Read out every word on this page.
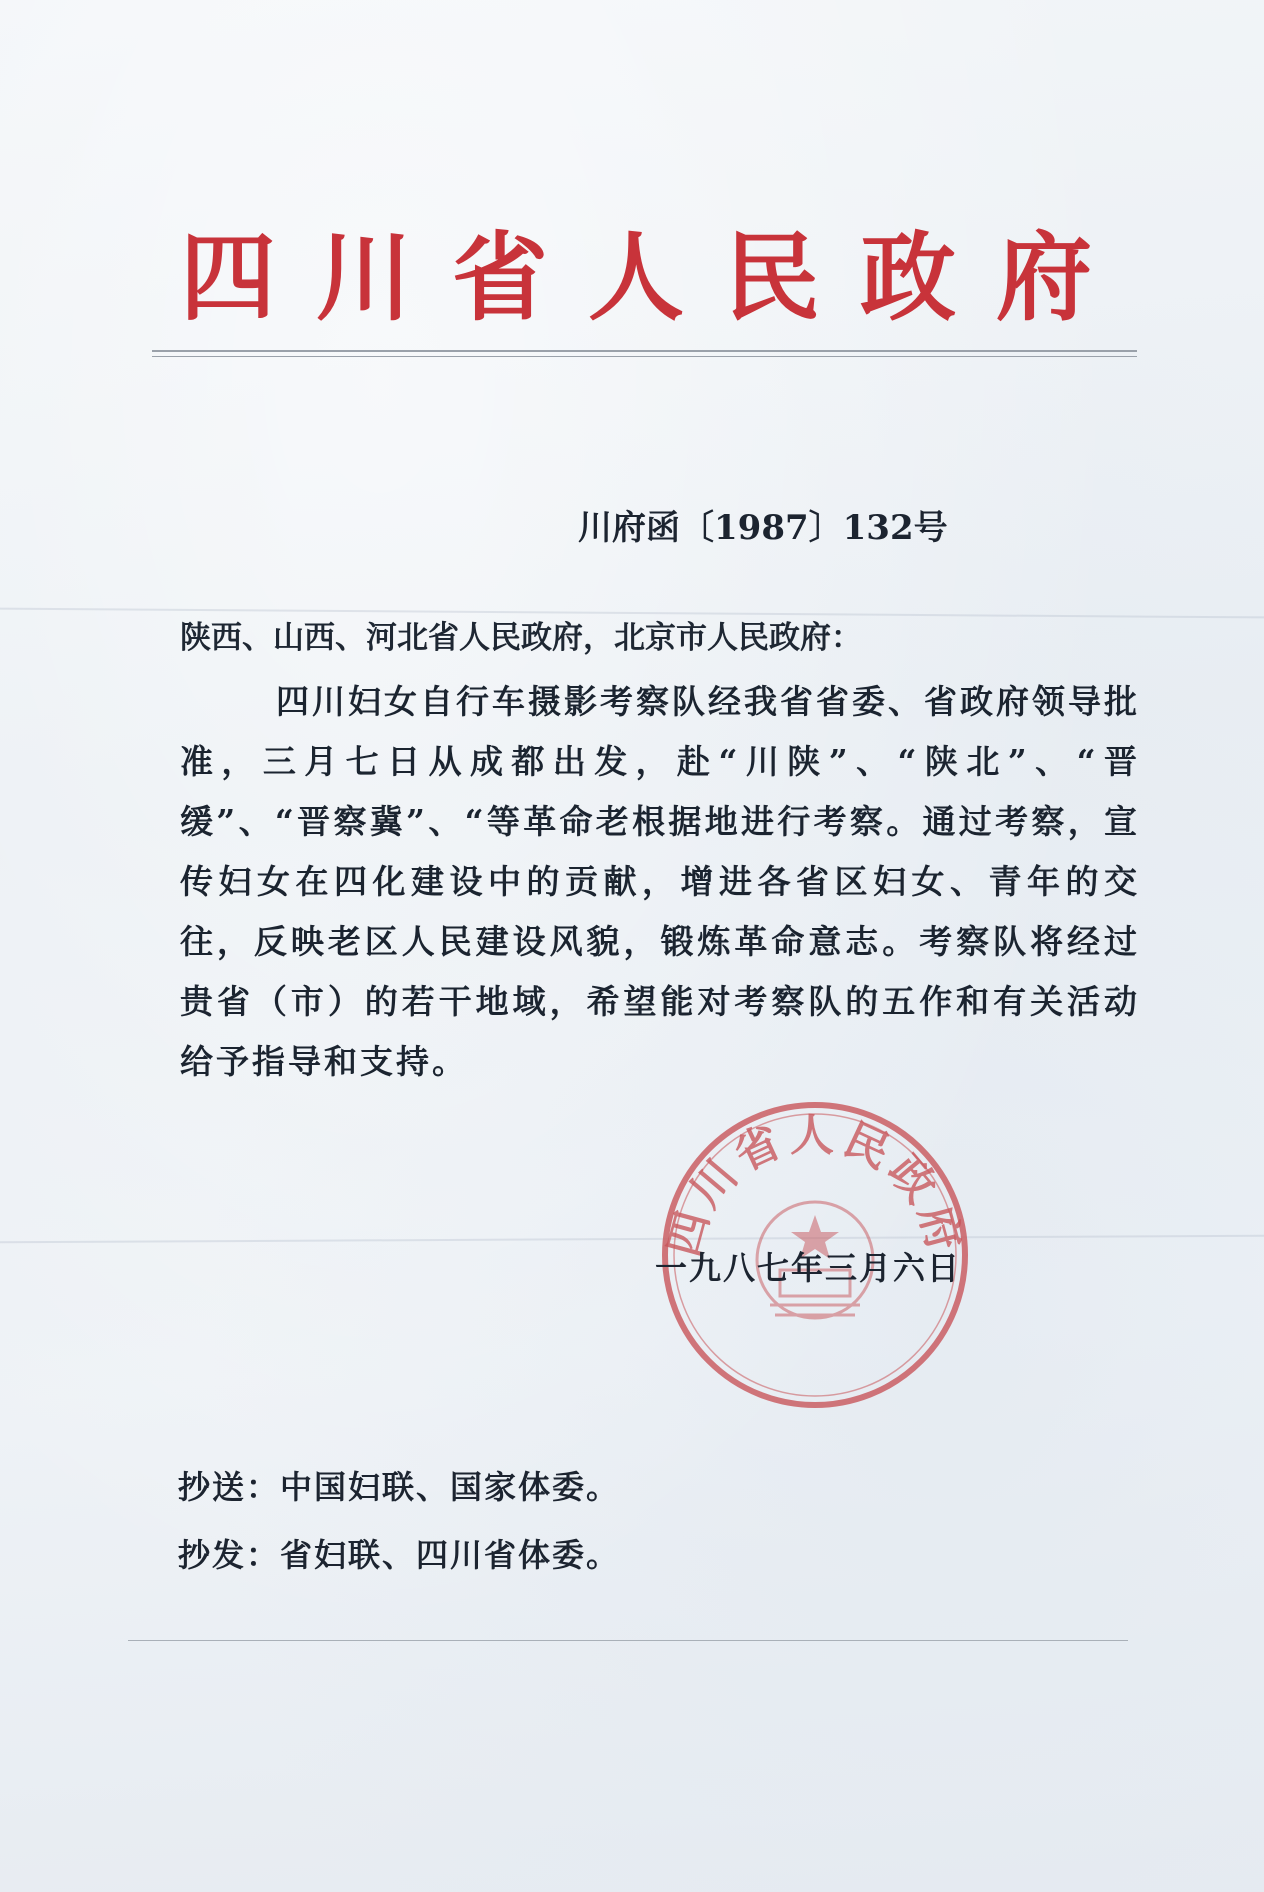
四川省人民政府
川府函〔1987〕132号
陕西、山西、河北省人民政府，北京市人民政府：
四川妇女自行车摄影考察队经我省省委、省政府领导批准，三月七日从成都出发，赴“川陕”、“陕北”、“晋缓”、“晋察冀”、“等革命老根据地进行考察。通过考察，宣传妇女在四化建设中的贡献，增进各省区妇女、青年的交往，反映老区人民建设风貌，锻炼革命意志。考察队将经过贵省（市）的若干地域，希望能对考察队的五作和有关活动给予指导和支持。
四川省人民政府
一九八七年三月六日
抄送：中国妇联、国家体委。
抄发：省妇联、四川省体委。
